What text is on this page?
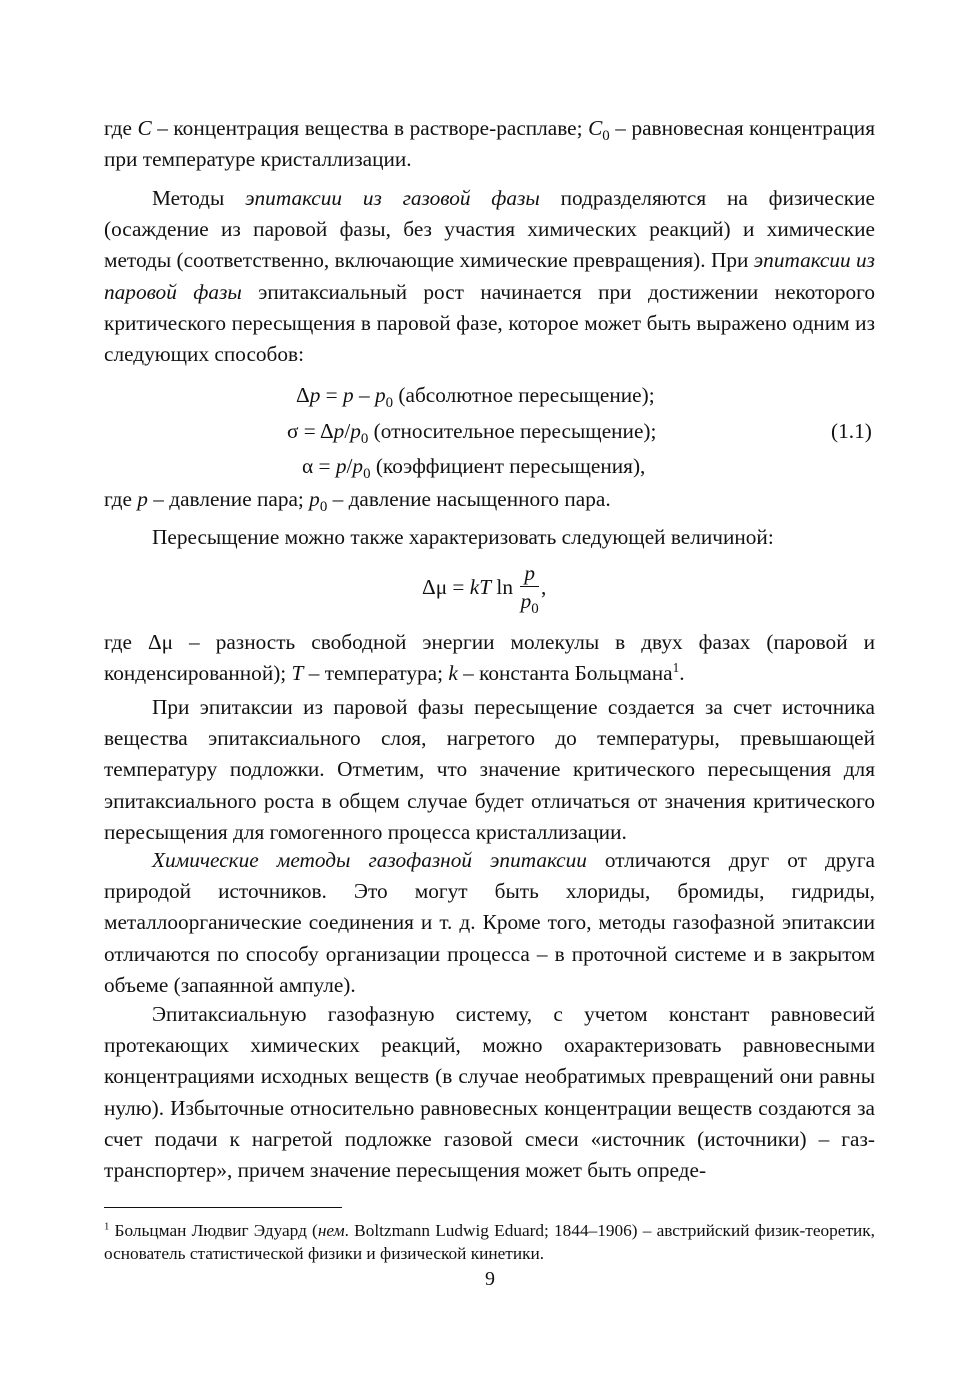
где C – концентрация вещества в растворе-расплаве; $C_0$ – равновесная концентрация при температуре кристаллизации.

Методы эпитаксии из газовой фазы подразделяются на физические (осаждение из паровой фазы, без участия химических реакций) и химические методы (соответственно, включающие химические превращения). При эпитаксии из паровой фазы эпитаксиальный рост начинается при достижении некоторого критического пересыщения в паровой фазе, которое может быть выражено одним из следующих способов:

$\Delta p = p - p_0$ (абсолютное пересыщение);
$\sigma = \Delta p/p_0$ (относительное пересыщение);
$\alpha = p/p_0$ (коэффициент пересыщения),
(1.1)

где p – давление пара; $p_0$ – давление насыщенного пара.

Пересыщение можно также характеризовать следующей величиной:

Δμ = kT $\ln \frac{p}{p_0}$ ,

где Δμ – разность свободной энергии молекулы в двух фазах (паровой и конденсированной); T – температура; k – константа Больцмана$^1$.

При эпитаксии из паровой фазы пересыщение создается за счет источника вещества эпитаксиального слоя, нагретого до температуры, превышающей температуру подложки. Отметим, что значение критического пересыщения для эпитаксиального роста в общем случае будет отличаться от значения критического пересыщения для гомогенного процесса кристаллизации.

Химические методы газофазной эпитаксии отличаются друг от друга природой источников. Это могут быть хлориды, бромиды, гидриды, металлоорганические соединения и т. д. Кроме того, методы газофазной эпитаксии отличаются по способу организации процесса – в проточной системе и в закрытом объеме (запаянной ампуле).

Эпитаксиальную газофазную систему, с учетом констант равновесий протекающих химических реакций, можно охарактеризовать равновесными концентрациями исходных веществ (в случае необратимых превращений они равны нулю). Избыточные относительно равновесных концентрации веществ создаются за счет подачи к нагретой подложке газовой смеси «источник (источники) – газ-транспортер», причем значение пересыщения может быть опреде-

$^1$ Больцман Людвиг Эдуард (нем. Boltzmann Ludwig Eduard; 1844–1906) – австрийский физик-теоретик, основатель статистической физики и физической кинетики.
9
